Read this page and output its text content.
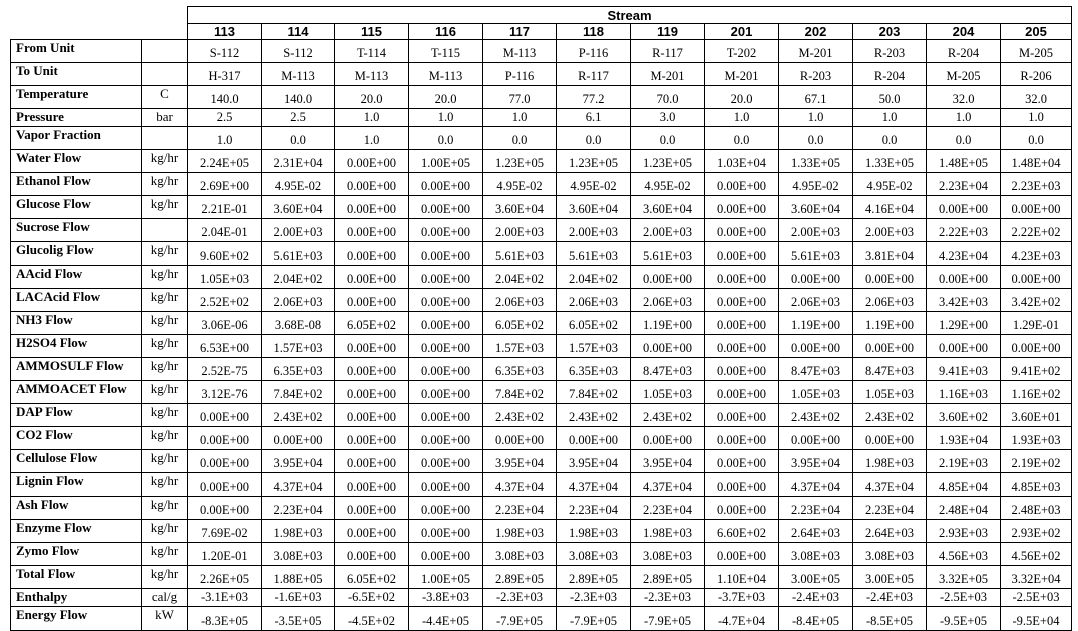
		Stream											
		113	114	115	116	117	118	119	201	202	203	204	205
From Unit		S-112	S-112	T-114	T-115	M-113	P-116	R-117	T-202	M-201	R-203	R-204	M-205
To Unit		H-317	M-113	M-113	M-113	P-116	R-117	M-201	M-201	R-203	R-204	M-205	R-206
Temperature	C	140.0	140.0	20.0	20.0	77.0	77.2	70.0	20.0	67.1	50.0	32.0	32.0
Pressure	bar	2.5	2.5	1.0	1.0	1.0	6.1	3.0	1.0	1.0	1.0	1.0	1.0
Vapor Fraction		1.0	0.0	1.0	0.0	0.0	0.0	0.0	0.0	0.0	0.0	0.0	0.0
Water Flow	kg/hr	2.24E+05	2.31E+04	0.00E+00	1.00E+05	1.23E+05	1.23E+05	1.23E+05	1.03E+04	1.33E+05	1.33E+05	1.48E+05	1.48E+04
Ethanol Flow	kg/hr	2.69E+00	4.95E-02	0.00E+00	0.00E+00	4.95E-02	4.95E-02	4.95E-02	0.00E+00	4.95E-02	4.95E-02	2.23E+04	2.23E+03
Glucose Flow	kg/hr	2.21E-01	3.60E+04	0.00E+00	0.00E+00	3.60E+04	3.60E+04	3.60E+04	0.00E+00	3.60E+04	4.16E+04	0.00E+00	0.00E+00
Sucrose Flow		2.04E-01	2.00E+03	0.00E+00	0.00E+00	2.00E+03	2.00E+03	2.00E+03	0.00E+00	2.00E+03	2.00E+03	2.22E+03	2.22E+02
Glucolig Flow	kg/hr	9.60E+02	5.61E+03	0.00E+00	0.00E+00	5.61E+03	5.61E+03	5.61E+03	0.00E+00	5.61E+03	3.81E+04	4.23E+04	4.23E+03
AAcid Flow	kg/hr	1.05E+03	2.04E+02	0.00E+00	0.00E+00	2.04E+02	2.04E+02	0.00E+00	0.00E+00	0.00E+00	0.00E+00	0.00E+00	0.00E+00
LACAcid Flow	kg/hr	2.52E+02	2.06E+03	0.00E+00	0.00E+00	2.06E+03	2.06E+03	2.06E+03	0.00E+00	2.06E+03	2.06E+03	3.42E+03	3.42E+02
NH3 Flow	kg/hr	3.06E-06	3.68E-08	6.05E+02	0.00E+00	6.05E+02	6.05E+02	1.19E+00	0.00E+00	1.19E+00	1.19E+00	1.29E+00	1.29E-01
H2SO4 Flow	kg/hr	6.53E+00	1.57E+03	0.00E+00	0.00E+00	1.57E+03	1.57E+03	0.00E+00	0.00E+00	0.00E+00	0.00E+00	0.00E+00	0.00E+00
AMMOSULF Flow	kg/hr	2.52E-75	6.35E+03	0.00E+00	0.00E+00	6.35E+03	6.35E+03	8.47E+03	0.00E+00	8.47E+03	8.47E+03	9.41E+03	9.41E+02
AMMOACET Flow	kg/hr	3.12E-76	7.84E+02	0.00E+00	0.00E+00	7.84E+02	7.84E+02	1.05E+03	0.00E+00	1.05E+03	1.05E+03	1.16E+03	1.16E+02
DAP Flow	kg/hr	0.00E+00	2.43E+02	0.00E+00	0.00E+00	2.43E+02	2.43E+02	2.43E+02	0.00E+00	2.43E+02	2.43E+02	3.60E+02	3.60E+01
CO2 Flow	kg/hr	0.00E+00	0.00E+00	0.00E+00	0.00E+00	0.00E+00	0.00E+00	0.00E+00	0.00E+00	0.00E+00	0.00E+00	1.93E+04	1.93E+03
Cellulose Flow	kg/hr	0.00E+00	3.95E+04	0.00E+00	0.00E+00	3.95E+04	3.95E+04	3.95E+04	0.00E+00	3.95E+04	1.98E+03	2.19E+03	2.19E+02
Lignin Flow	kg/hr	0.00E+00	4.37E+04	0.00E+00	0.00E+00	4.37E+04	4.37E+04	4.37E+04	0.00E+00	4.37E+04	4.37E+04	4.85E+04	4.85E+03
Ash Flow	kg/hr	0.00E+00	2.23E+04	0.00E+00	0.00E+00	2.23E+04	2.23E+04	2.23E+04	0.00E+00	2.23E+04	2.23E+04	2.48E+04	2.48E+03
Enzyme Flow	kg/hr	7.69E-02	1.98E+03	0.00E+00	0.00E+00	1.98E+03	1.98E+03	1.98E+03	6.60E+02	2.64E+03	2.64E+03	2.93E+03	2.93E+02
Zymo Flow	kg/hr	1.20E-01	3.08E+03	0.00E+00	0.00E+00	3.08E+03	3.08E+03	3.08E+03	0.00E+00	3.08E+03	3.08E+03	4.56E+03	4.56E+02
Total Flow	kg/hr	2.26E+05	1.88E+05	6.05E+02	1.00E+05	2.89E+05	2.89E+05	2.89E+05	1.10E+04	3.00E+05	3.00E+05	3.32E+05	3.32E+04
Enthalpy	cal/g	-3.1E+03	-1.6E+03	-6.5E+02	-3.8E+03	-2.3E+03	-2.3E+03	-2.3E+03	-3.7E+03	-2.4E+03	-2.4E+03	-2.5E+03	-2.5E+03
Energy Flow	kW	-8.3E+05	-3.5E+05	-4.5E+02	-4.4E+05	-7.9E+05	-7.9E+05	-7.9E+05	-4.7E+04	-8.4E+05	-8.5E+05	-9.5E+05	-9.5E+04
